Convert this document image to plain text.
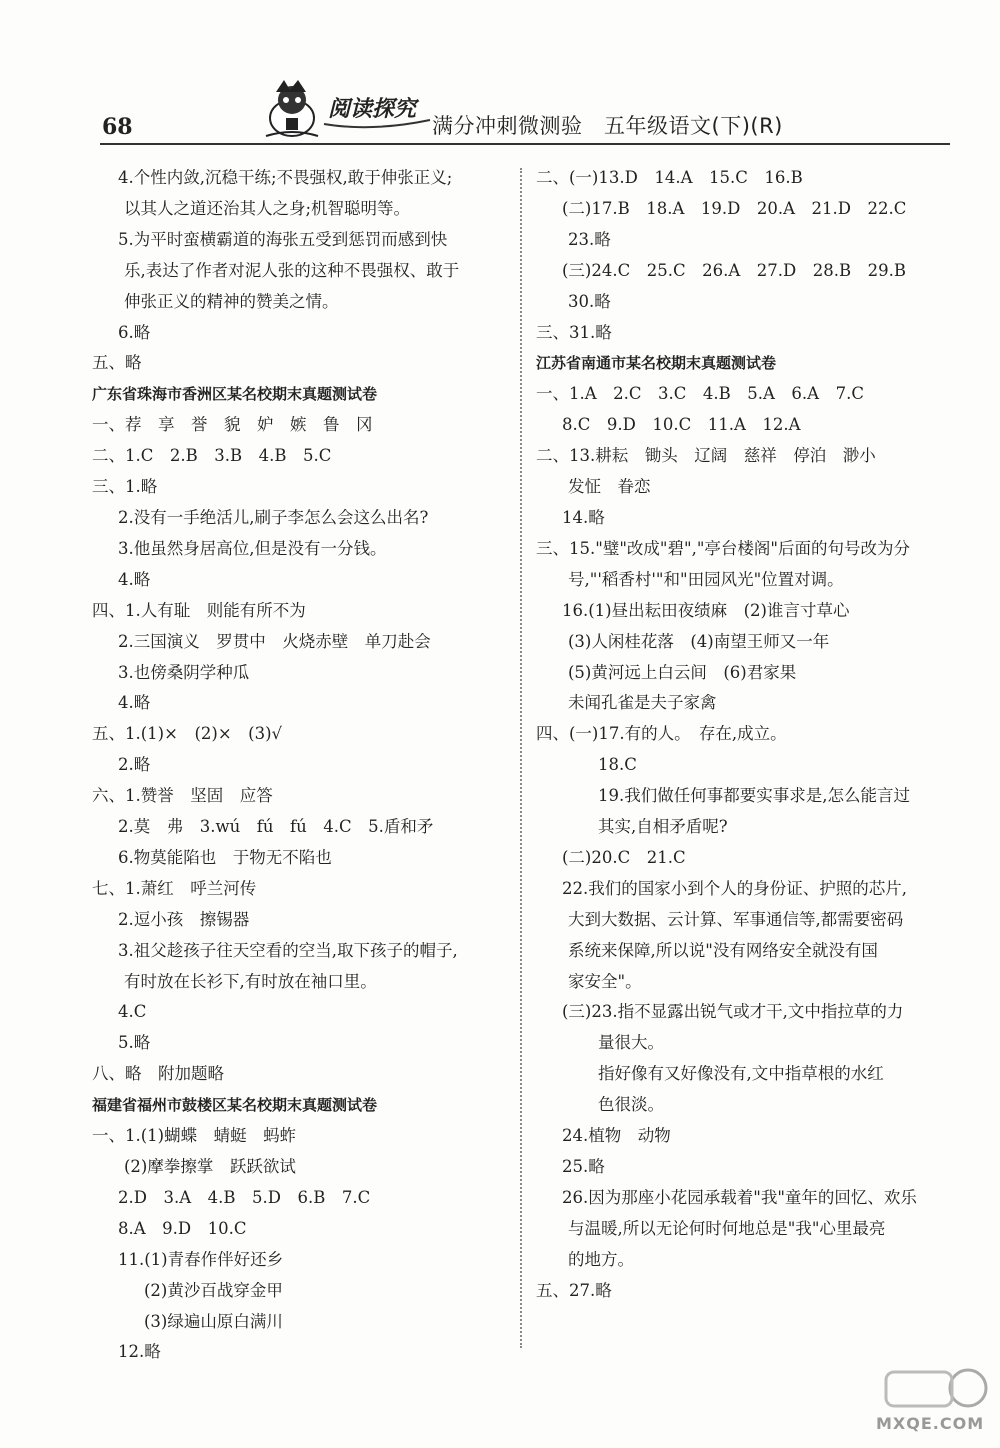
68
阅读探究
满分冲刺微测验　五年级语文(下)(R)
4.个性内敛,沉稳干练;不畏强权,敢于伸张正义;
以其人之道还治其人之身;机智聪明等。
5.为平时蛮横霸道的海张五受到惩罚而感到快
乐,表达了作者对泥人张的这种不畏强权、敢于
伸张正义的精神的赞美之情。
6.略
五、略
广东省珠海市香洲区某名校期末真题测试卷
一、荐　享　誉　貌　妒　嫉　鲁　冈
二、1.C　2.B　3.B　4.B　5.C
三、1.略
2.没有一手绝活儿,刷子李怎么会这么出名?
3.他虽然身居高位,但是没有一分钱。
4.略
四、1.人有耻　则能有所不为
2.三国演义　罗贯中　火烧赤壁　单刀赴会
3.也傍桑阴学种瓜
4.略
五、1.(1)×　(2)×　(3)√
2.略
六、1.赞誉　坚固　应答
2.莫　弗　3.wú　fú　fú　4.C　5.盾和矛
6.物莫能陷也　于物无不陷也
七、1.萧红　呼兰河传
2.逗小孩　擦锡器
3.祖父趁孩子往天空看的空当,取下孩子的帽子,
有时放在长衫下,有时放在袖口里。
4.C
5.略
八、略　附加题略
福建省福州市鼓楼区某名校期末真题测试卷
一、1.(1)蝴蝶　蜻蜓　蚂蚱
(2)摩拳擦掌　跃跃欲试
2.D　3.A　4.B　5.D　6.B　7.C
8.A　9.D　10.C
11.(1)青春作伴好还乡
(2)黄沙百战穿金甲
(3)绿遍山原白满川
12.略
二、(一)13.D　14.A　15.C　16.B
(二)17.B　18.A　19.D　20.A　21.D　22.C
23.略
(三)24.C　25.C　26.A　27.D　28.B　29.B
30.略
三、31.略
江苏省南通市某名校期末真题测试卷
一、1.A　2.C　3.C　4.B　5.A　6.A　7.C
8.C　9.D　10.C　11.A　12.A
二、13.耕耘　锄头　辽阔　慈祥　停泊　渺小
发怔　眷恋
14.略
三、15."璧"改成"碧","亭台楼阁"后面的句号改为分
号,"'稻香村'"和"田园风光"位置对调。
16.(1)昼出耘田夜绩麻　(2)谁言寸草心
(3)人闲桂花落　(4)南望王师又一年
(5)黄河远上白云间　(6)君家果
未闻孔雀是夫子家禽
四、(一)17.有的人。　存在,成立。
18.C
19.我们做任何事都要实事求是,怎么能言过
其实,自相矛盾呢?
(二)20.C　21.C
22.我们的国家小到个人的身份证、护照的芯片,
大到大数据、云计算、军事通信等,都需要密码
系统来保障,所以说"没有网络安全就没有国
家安全"。
(三)23.指不显露出锐气或才干,文中指拉草的力
量很大。
指好像有又好像没有,文中指草根的水红
色很淡。
24.植物　动物
25.略
26.因为那座小花园承载着"我"童年的回忆、欢乐
与温暖,所以无论何时何地总是"我"心里最亮
的地方。
五、27.略
MXQE.COM
